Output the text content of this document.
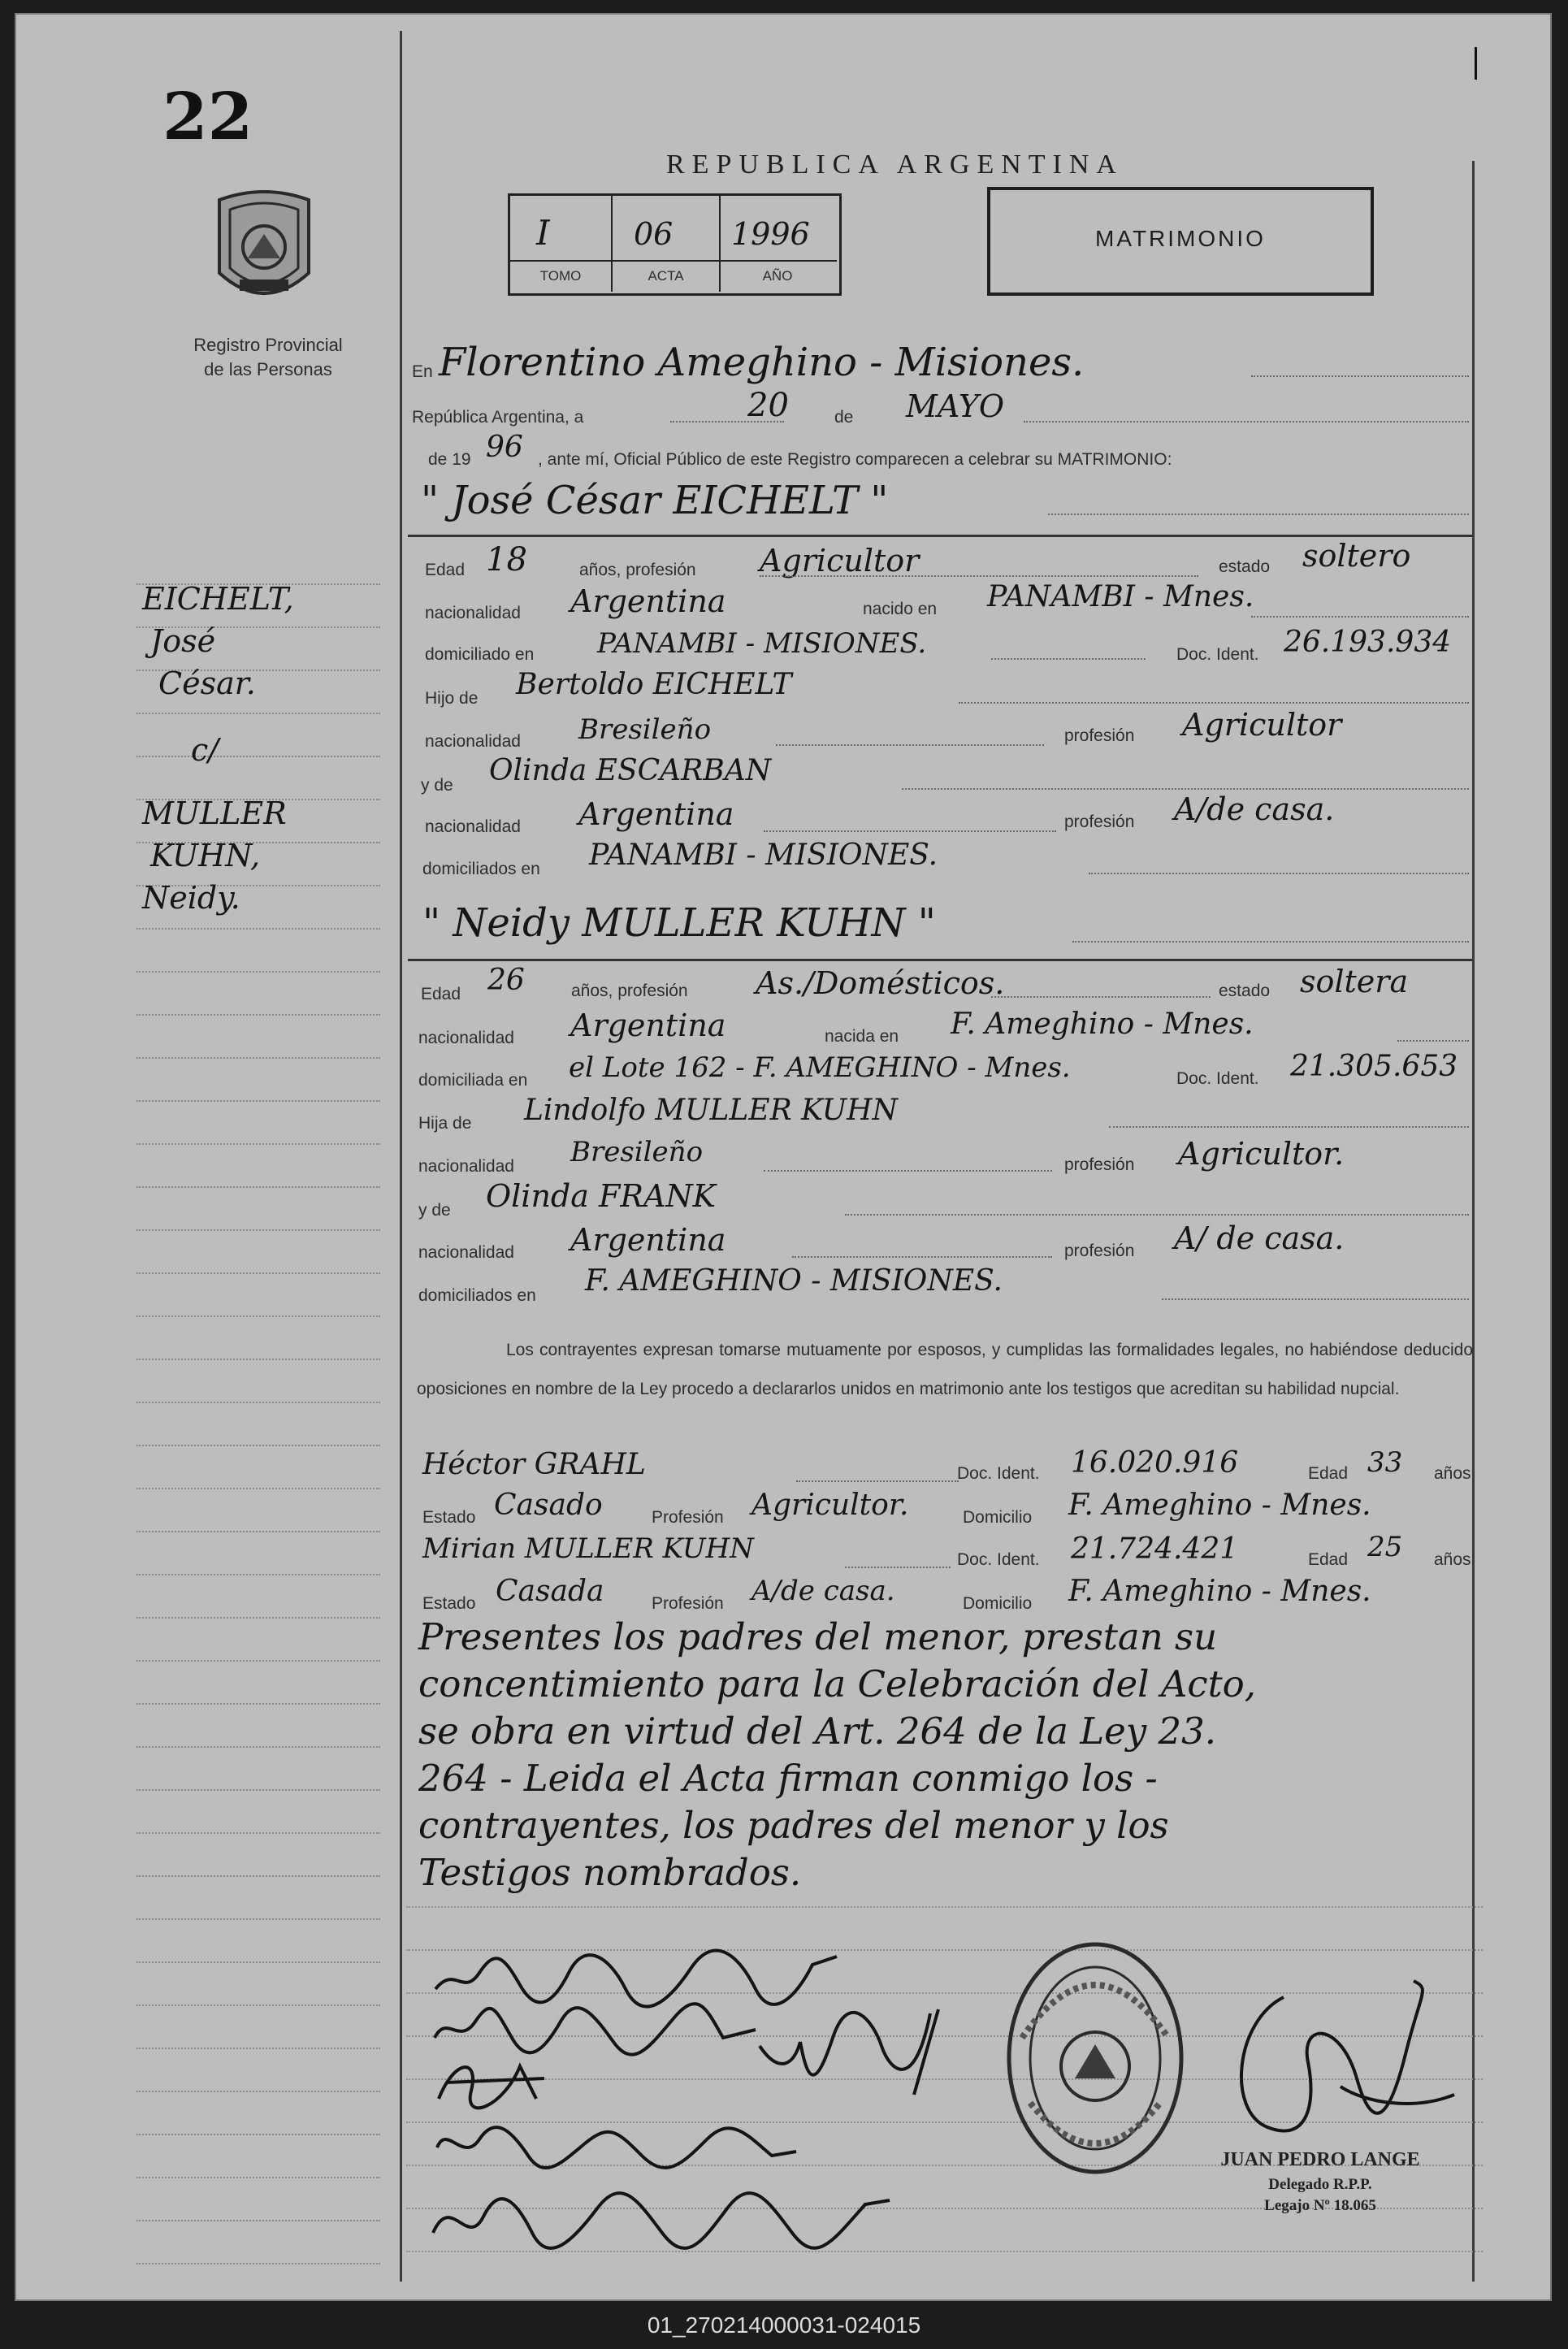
22
Registro Provincial
de las Personas
REPUBLICA ARGENTINA
I	06 1996
TOMO	ACTA	AÑO
MATRIMONIO
EICHELT,
José
César.
c/
MULLER
KUHN,
Neidy.
En Florentino Ameghino - Misiones.
República Argentina, a	20	de MAYO
de 19 96 , ante mí, Oficial Público de este Registro comparecen a celebrar su MATRIMONIO:
" José César EICHELT "
Edad 18	años, profesión Agricultor	estado soltero
nacionalidad Argentina	nacido en PANAMBI - Mnes.
domiciliado en PANAMBI - MISIONES.	Doc. Ident. 26.193.934
Hijo de Bertoldo EICHELT
nacionalidad Bresileño	profesión Agricultor
y de Olinda ESCARBAN
nacionalidad Argentina	profesión A/de casa.
domiciliados en PANAMBI - MISIONES.
" Neidy MULLER KUHN "
Edad 26	años, profesión As./Domésticos.	estado soltera
nacionalidad Argentina	nacida en F. Ameghino - Mnes.
domiciliada en el Lote 162 - F. AMEGHINO - Mnes.	Doc. Ident. 21.305.653
Hija de Lindolfo MULLER KUHN
nacionalidad Bresileño	profesión Agricultor.
y de Olinda FRANK
nacionalidad Argentina	profesión A/ de casa.
domiciliados en F. AMEGHINO - MISIONES.
Los contrayentes expresan tomarse mutuamente por esposos, y cumplidas las formalidades legales, no habiéndose deducido oposiciones en nombre de la Ley procedo a declararlos unidos en matrimonio ante los testigos que acreditan su habilidad nupcial.
Héctor GRAHL	Doc. Ident. 16.020.916	Edad 33 años
Estado Casado	Profesión Agricultor.	Domicilio F. Ameghino - Mnes.
Mirian MULLER KUHN	Doc. Ident. 21.724.421	Edad 25 años
Estado Casada	Profesión A/de casa.	Domicilio F. Ameghino - Mnes.
Presentes los padres del menor, prestan su
concentimiento para la Celebración del Acto,
se obra en virtud del Art. 264 de la Ley 23.
264 - Leida el Acta firman conmigo los -
contrayentes, los padres del menor y los
Testigos nombrados.
JUAN PEDRO LANGE
Delegado R.P.P.
Legajo Nº 18.065
01_270214000031-024015
